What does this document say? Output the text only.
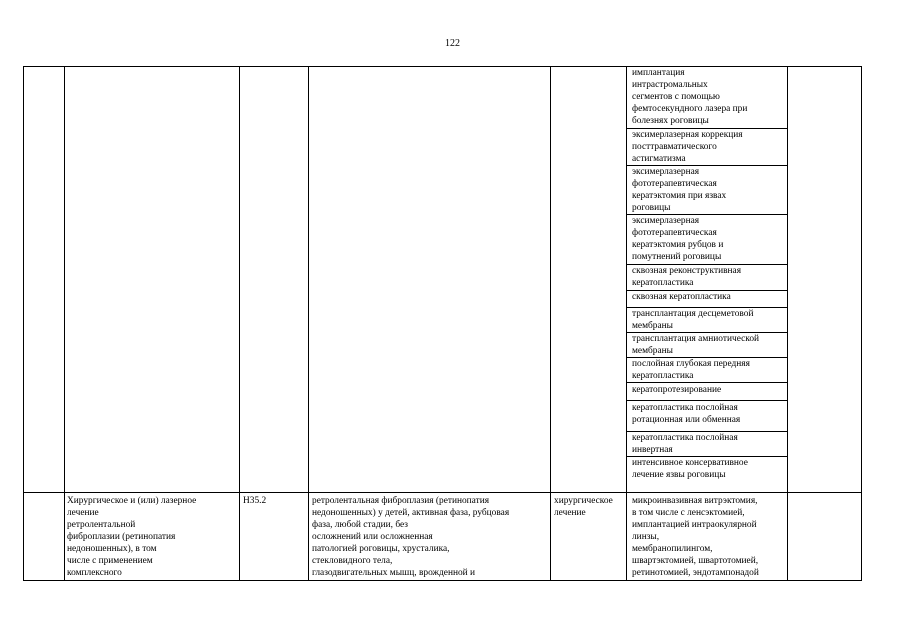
122
имплантация
интрастромальных
сегментов с помощью
фемтосекундного лазера при
болезнях роговицы
эксимерлазерная коррекция
посттравматического
астигматизма
эксимерлазерная
фототерапевтическая
кератэктомия при язвах
роговицы
эксимерлазерная
фототерапевтическая
кератэктомия рубцов и
помутнений роговицы
сквозная реконструктивная
кератопластика
сквозная кератопластика
трансплантация десцеметовой
мембраны
трансплантация амниотической
мембраны
послойная глубокая передняя
кератопластика
кератопротезирование
кератопластика послойная
ротационная или обменная
кератопластика послойная
инвертная
интенсивное консервативное
лечение язвы роговицы
Хирургическое и (или) лазерное
лечение
ретролентальной
фиброплазии (ретинопатия
недоношенных), в том
числе с применением
комплексного
H35.2	ретролентальная фиброплазия (ретинопатия
недоношенных) у детей, активная фаза, рубцовая
фаза, любой стадии, без
осложнений или осложненная
патологией роговицы, хрусталика,
стекловидного тела,
глазодвигательных мышц, врожденной и
хирургическое
лечение
микроинвазивная витрэктомия,
в том числе с ленсэктомией,
имплантацией интраокулярной
линзы,
мембранопилингом,
швартэктомией, швартотомией,
ретинотомией, эндотампонадой
